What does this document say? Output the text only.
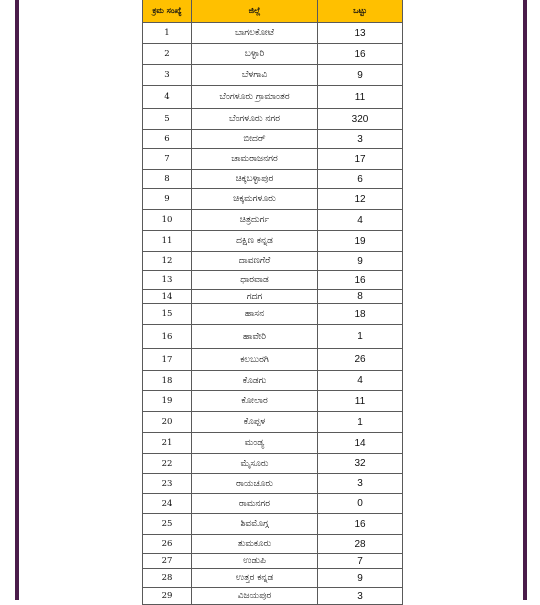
ಕ್ರಮ ಸಂಖ್ಯೆ	ಜಿಲ್ಲೆ	ಒಟ್ಟು
1	ಬಾಗಲಕೋಟೆ	13
2	ಬಳ್ಳಾರಿ	16
3	ಬೆಳಗಾವಿ	9
4	ಬೆಂಗಳೂರು ಗ್ರಾಮಾಂತರ	11
5	ಬೆಂಗಳೂರು ನಗರ	320
6	ಬೀದರ್	3
7	ಚಾಮರಾಜನಗರ	17
8	ಚಿಕ್ಕಬಳ್ಳಾಪುರ	6
9	ಚಿಕ್ಕಮಗಳೂರು	12
10	ಚಿತ್ರದುರ್ಗ	4
11	ದಕ್ಷಿಣ ಕನ್ನಡ	19
12	ದಾವಣಗೆರೆ	9
13	ಧಾರವಾಡ	16
14	ಗದಗ	8
15	ಹಾಸನ	18
16	ಹಾವೇರಿ	1
17	ಕಲಬುರಗಿ	26
18	ಕೊಡಗು	4
19	ಕೋಲಾರ	11
20	ಕೊಪ್ಪಳ	1
21	ಮಂಡ್ಯ	14
22	ಮೈಸೂರು	32
23	ರಾಯಚೂರು	3
24	ರಾಮನಗರ	0
25	ಶಿವಮೊಗ್ಗ	16
26	ತುಮಕೂರು	28
27	ಉಡುಪಿ	7
28	ಉತ್ತರ ಕನ್ನಡ	9
29	ವಿಜಯಪುರ	3
